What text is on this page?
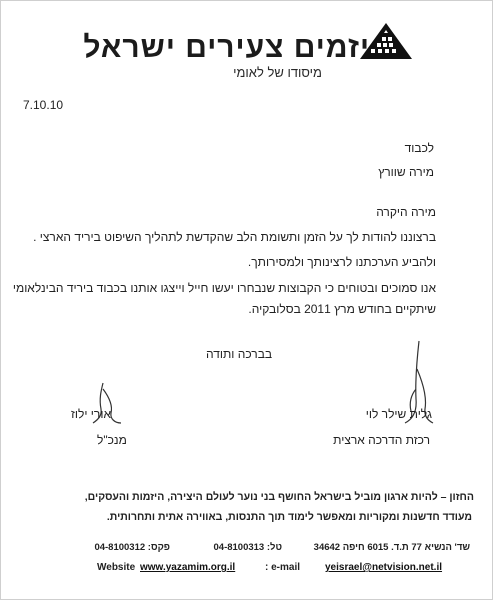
יזמים צעירים ישראל
מיסודו של לאומי
7.10.10
לכבוד
מירה שוורץ
מירה היקרה
ברצוננו להודות לך על הזמן ותשומת הלב שהקדשת לתהליך השיפוט ביריד הארצי .
ולהביע הערכתנו לרצינותך ולמסירותך.
אנו סמוכים ובטוחים כי הקבוצות שנבחרו יעשו חייל וייצגו אותנו בכבוד ביריד הבינלאומי
שיתקיים בחודש מרץ 2011 בסלובקיה.
בברכה ותודה
אורי ילוז
מנכ"ל
גלית שילר לוי
רכזת הדרכה ארצית
החזון – להיות ארגון מוביל בישראל החושף בני נוער לעולם היצירה, היזמות והעסקים,
מעודד חדשנות ומקוריות ומאפשר לימוד תוך התנסות, באווירה אתית ותחרותית.
שד' הנשיא 77 ת.ד. 6015 חיפה 34642
טל: 04-8100313
פקס: 04-8100312
Website www.yazamim.org.il	: e-mail yeisrael@netvision.net.il
